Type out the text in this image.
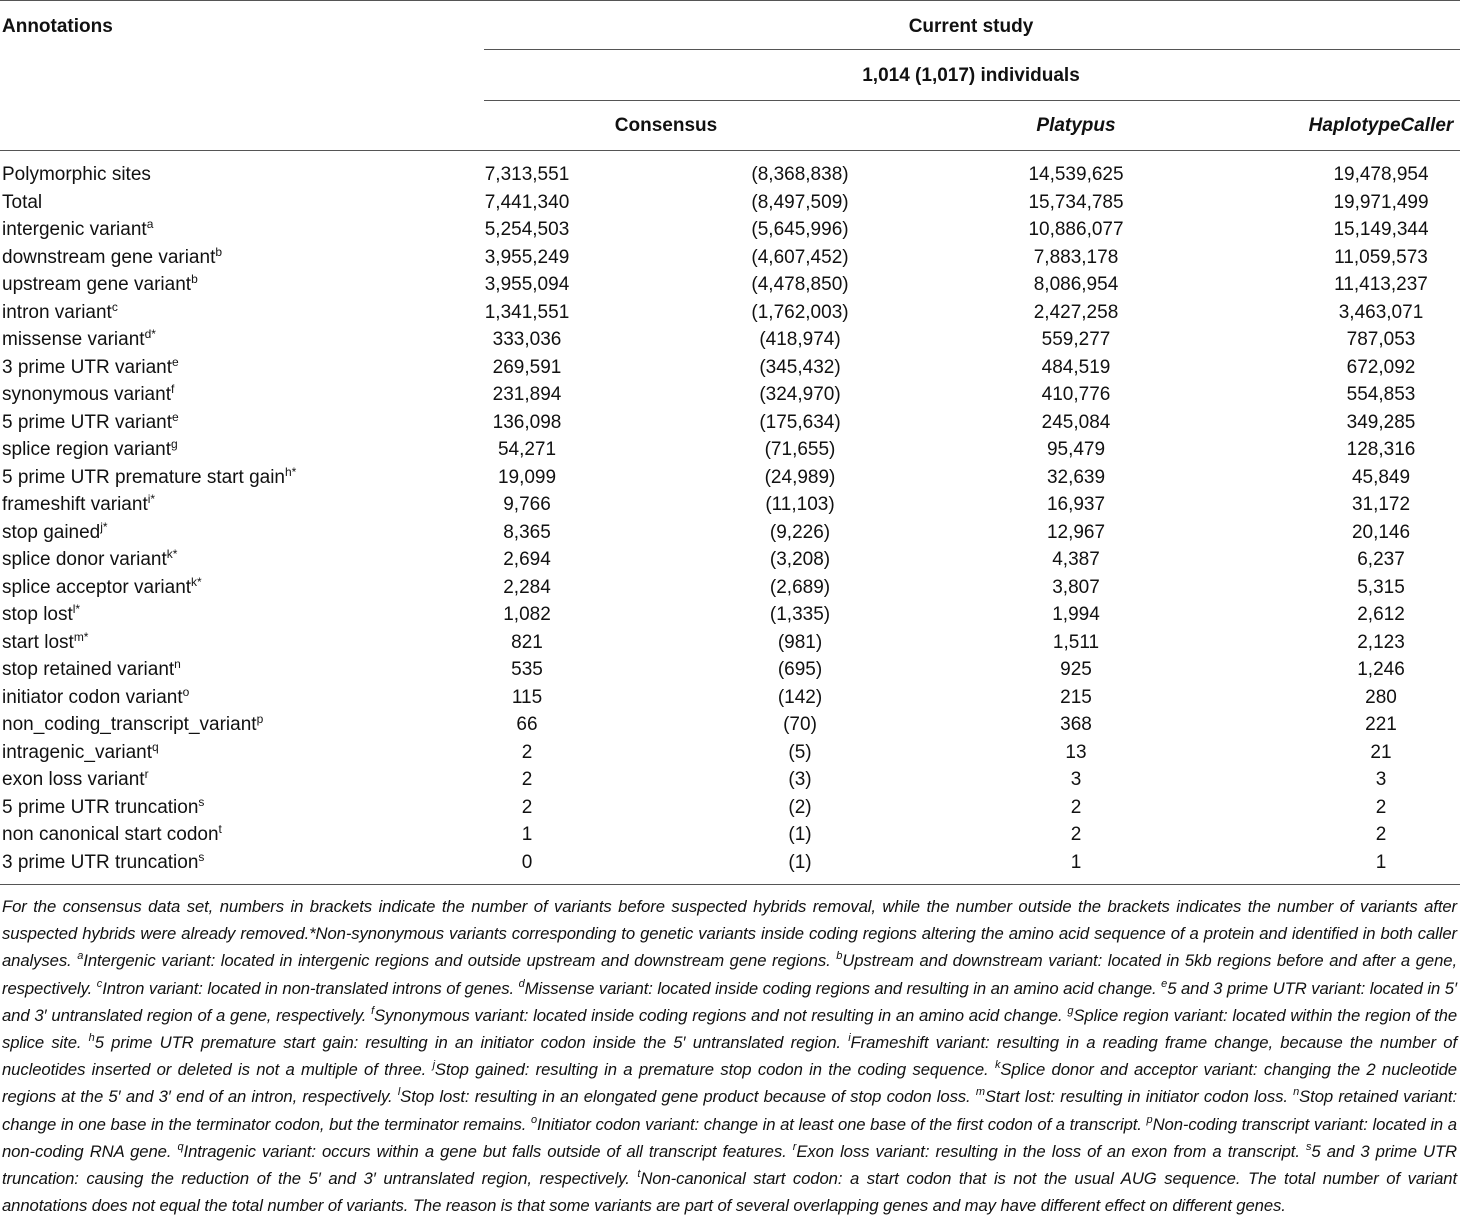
Annotations	Current study
1,014 (1,017) individuals
Consensus	Platypus	HaplotypeCaller
Polymorphic sites	7,313,551	(8,368,838)	14,539,625	19,478,954
Total	7,441,340	(8,497,509)	15,734,785	19,971,499
intergenic variant$^a$	5,254,503	(5,645,996)	10,886,077	15,149,344
downstream gene variant$^b$	3,955,249	(4,607,452)	7,883,178	11,059,573
upstream gene variant$^b$	3,955,094	(4,478,850)	8,086,954	11,413,237
intron variant$^c$	1,341,551	(1,762,003)	2,427,258	3,463,071
missense variant$^{d*}$	333,036	(418,974)	559,277	787,053
3 prime UTR variant$^e$	269,591	(345,432)	484,519	672,092
synonymous variant$^f$	231,894	(324,970)	410,776	554,853
5 prime UTR variant$^e$	136,098	(175,634)	245,084	349,285
splice region variant$^g$	54,271	(71,655)	95,479	128,316
5 prime UTR premature start gain$^{h*}$	19,099	(24,989)	32,639	45,849
frameshift variant$^{i*}$	9,766	(11,103)	16,937	31,172
stop gained$^{j*}$	8,365	(9,226)	12,967	20,146
splice donor variant$^{k*}$	2,694	(3,208)	4,387	6,237
splice acceptor variant$^{k*}$	2,284	(2,689)	3,807	5,315
stop lost$^{l*}$	1,082	(1,335)	1,994	2,612
start lost$^{m*}$	821	(981)	1,511	2,123
stop retained variant$^n$	535	(695)	925	1,246
initiator codon variant$^o$	115	(142)	215	280
non_coding_transcript_variant$^p$	66	(70)	368	221
intragenic_variant$^q$	2	(5)	13	21
exon loss variant$^r$	2	(3)	3	3
5 prime UTR truncation$^s$	2	(2)	2	2
non canonical start codon$^t$	1	(1)	2	2
3 prime UTR truncation$^s$	0	(1)	1	1
For the consensus data set, numbers in brackets indicate the number of variants before suspected hybrids removal, while the number outside the brackets indicates the number of variants after suspected hybrids were already removed.*Non-synonymous variants corresponding to genetic variants inside coding regions altering the amino acid sequence of a protein and identified in both caller analyses. $^a$Intergenic variant: located in intergenic regions and outside upstream and downstream gene regions. $^b$Upstream and downstream variant: located in 5kb regions before and after a gene, respectively. $^c$Intron variant: located in non-translated introns of genes. $^d$Missense variant: located inside coding regions and resulting in an amino acid change. $^e$5 and 3 prime UTR variant: located in 5′ and 3′ untranslated region of a gene, respectively. $^f$Synonymous variant: located inside coding regions and not resulting in an amino acid change. $^g$Splice region variant: located within the region of the splice site. $^h$5 prime UTR premature start gain: resulting in an initiator codon inside the 5′ untranslated region. $^i$Frameshift variant: resulting in a reading frame change, because the number of nucleotides inserted or deleted is not a multiple of three. $^j$Stop gained: resulting in a premature stop codon in the coding sequence. $^k$Splice donor and acceptor variant: changing the 2 nucleotide regions at the 5′ and 3′ end of an intron, respectively. $^l$Stop lost: resulting in an elongated gene product because of stop codon loss. $^m$Start lost: resulting in initiator codon loss. $^n$Stop retained variant: change in one base in the terminator codon, but the terminator remains. $^o$Initiator codon variant: change in at least one base of the first codon of a transcript. $^p$Non-coding transcript variant: located in a non-coding RNA gene. $^q$Intragenic variant: occurs within a gene but falls outside of all transcript features. $^r$Exon loss variant: resulting in the loss of an exon from a transcript. $^s$5 and 3 prime UTR truncation: causing the reduction of the 5′ and 3′ untranslated region, respectively. $^t$Non-canonical start codon: a start codon that is not the usual AUG sequence. The total number of variant annotations does not equal the total number of variants. The reason is that some variants are part of several overlapping genes and may have different effect on different genes.
